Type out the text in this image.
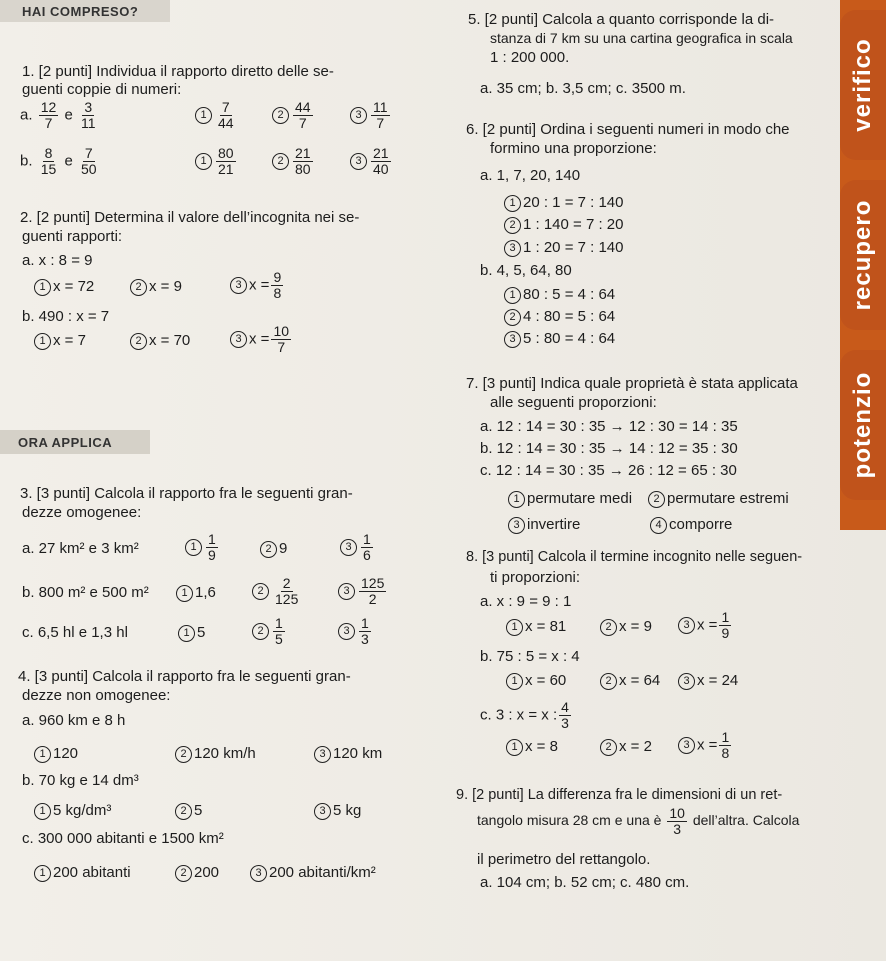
HAI COMPRESO?
ORA APPLICA
verifico
recupero
potenzio
1. [2 punti] Individua il rapporto diretto delle se-
guenti coppie di numeri:
a. $\frac{12}{7}$ e $\frac{3}{11}$	$1 \frac{7}{44}$	$2 \frac{44}{7}$	$3 \frac{11}{7}$
b. $\frac{8}{15}$ e $\frac{7}{50}$	$1 \frac{80}{21}$	$2 \frac{21}{80}$	$3 \frac{21}{40}$
2. [2 punti] Determina il valore dell’incognita nei se-
guenti rapporti:
a. x : 8 = 9
1 x = 72	2 x = 9	3 $x = \frac{9}{8}$
b. 490 : x = 7
1 x = 7	2 x = 70	3 $x = \frac{10}{7}$
3. [3 punti] Calcola il rapporto fra le seguenti gran-
dezze omogenee:
a. 27 km² e 3 km²	$1 \frac{1}{9}$	2 9	$3 \frac{1}{6}$
b. 800 m² e 500 m²	1 1,6	$2 \frac{2}{125}$	$3 \frac{125}{2}$
c. 6,5 hl e 1,3 hl	1 5	$2 \frac{1}{5}$	$3 \frac{1}{3}$
4. [3 punti] Calcola il rapporto fra le seguenti gran-
dezze non omogenee:
a. 960 km e 8 h
1 120	2 120 km/h	3 120 km
b. 70 kg e 14 dm³
1 5 kg/dm³	2 5	3 5 kg
c. 300 000 abitanti e 1500 km²
1 200 abitanti	2 200	3 200 abitanti/km²
5. [2 punti] Calcola a quanto corrisponde la di-
stanza di 7 km su una cartina geografica in scala
1 : 200 000.
a. 35 cm; b. 3,5 cm; c. 3500 m.
6. [2 punti] Ordina i seguenti numeri in modo che
formino una proporzione:
a. 1, 7, 20, 140
1 20 : 1 = 7 : 140
2 1 : 140 = 7 : 20
3 1 : 20 = 7 : 140
b. 4, 5, 64, 80
1 80 : 5 = 4 : 64
2 4 : 80 = 5 : 64
3 5 : 80 = 4 : 64
7. [3 punti] Indica quale proprietà è stata applicata
alle seguenti proporzioni:
a. 12 : 14 = 30 : 35 → 12 : 30 = 14 : 35
b. 12 : 14 = 30 : 35 → 14 : 12 = 35 : 30
c. 12 : 14 = 30 : 35 → 26 : 12 = 65 : 30
1 permutare medi	2 permutare estremi
3 invertire	4 comporre
8. [3 punti] Calcola il termine incognito nelle seguen-
ti proporzioni:
a. x : 9 = 9 : 1
1 x = 81	2 x = 9	3 $x = \frac{1}{9}$
b. 75 : 5 = x : 4
1 x = 60	2 x = 64	3 x = 24
c. 3 : x = x : $\frac{4}{3}$
1 x = 8	2 x = 2	3 $x = \frac{1}{8}$
9. [2 punti] La differenza fra le dimensioni di un ret-
tangolo misura 28 cm e una è $\frac{10}{3}$ dell’altra. Calcola
il perimetro del rettangolo.
a. 104 cm; b. 52 cm; c. 480 cm.
